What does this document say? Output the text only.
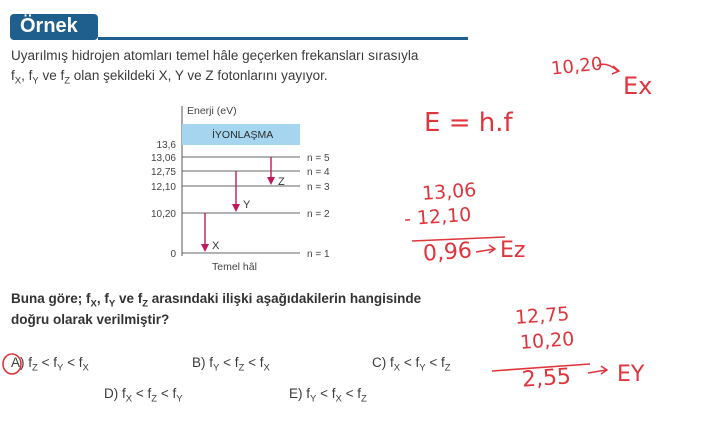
Örnek
Uyarılmış hidrojen atomları temel hâle geçerken frekansları sırasıyla
$f_X$, $f_Y$ ve $f_Z$ olan şekildeki X, Y ve Z fotonlarını yayıyor.
Enerji (eV)
İYONLAŞMA
13,6
13,06	n = 5
12,75	n = 4
12,10	n = 3
10,20	n = 2
0	n = 1
X
Y
Z
Temel hâl
Buna göre; $f_X$, $f_Y$ ve $f_Z$ arasındaki ilişki aşağıdakilerin hangisinde
doğru olarak verilmiştir?
A) $f_Z < f_Y < f_X$	B) $f_Y < f_Z < f_X$	C) $f_X < f_Y < f_Z$
D) $f_X < f_Z < f_Y$	E) $f_Y < f_X < f_Z$
10,20
Ex
E = h.f
13,06
- 12,10
0,96 Ez
12,75
10,20
2,55 EY
